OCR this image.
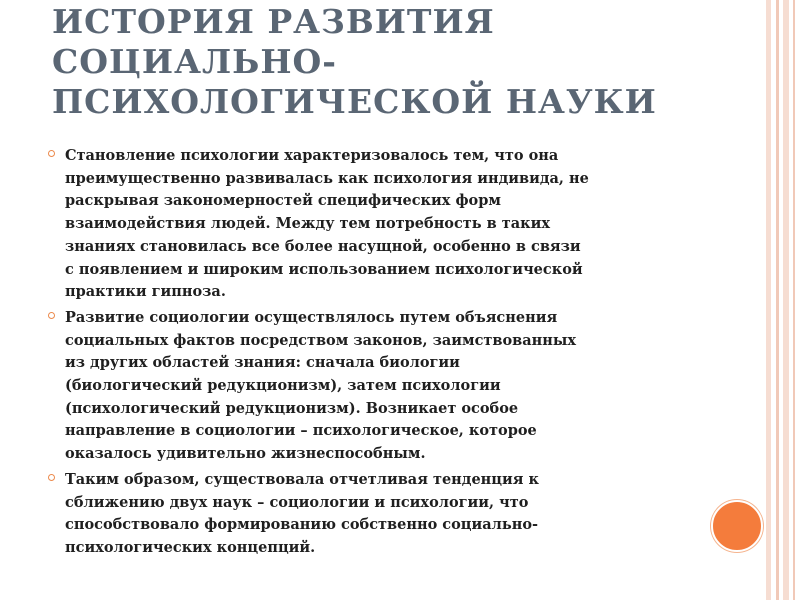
ИСТОРИЯ РАЗВИТИЯ
СОЦИАЛЬНО-
ПСИХОЛОГИЧЕСКОЙ НАУКИ
Становление психологии характеризовалось тем, что она
преимущественно развивалась как психология индивида, не
раскрывая закономерностей специфических форм
взаимодействия людей. Между тем потребность в таких
знаниях становилась все более насущной, особенно в связи
с появлением и широким использованием психологической
практики гипноза.
Развитие социологии осуществлялось путем объяснения
социальных фактов посредством законов, заимствованных
из других областей знания: сначала биологии
(биологический редукционизм), затем психологии
(психологический редукционизм). Возникает особое
направление в социологии – психологическое, которое
оказалось удивительно жизнеспособным.
Таким образом, существовала отчетливая тенденция к
сближению двух наук – социологии и психологии, что
способствовало формированию собственно социально-
психологических концепций.
